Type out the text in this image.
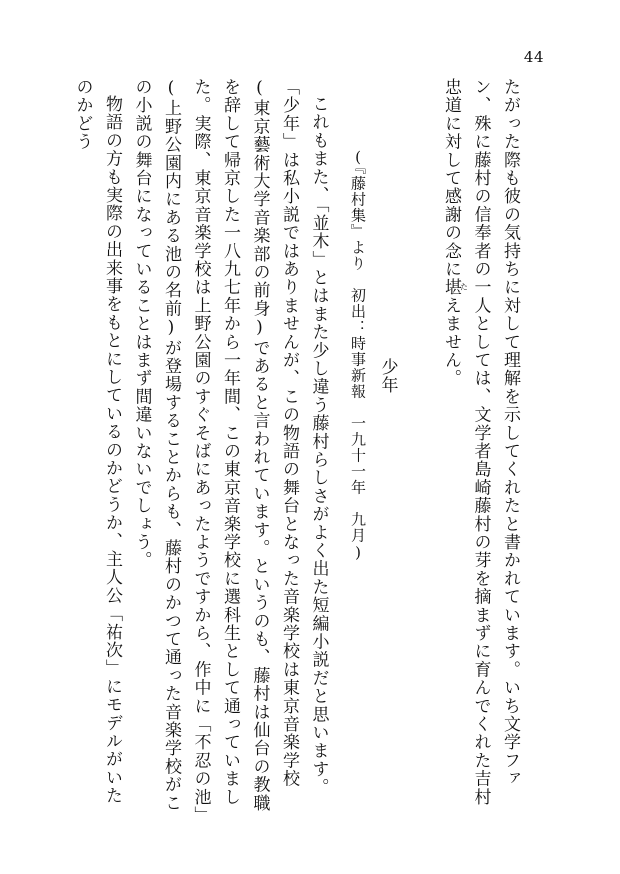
44

たがった際も彼の気持ちに対して理解を示してくれたと書かれています。いち文学ファン、殊に藤村の信奉者の一人としては、文学者島崎藤村の芽を摘まずに育んでくれた吉村忠道に対して感謝の念に堪たえません。

少年

(『藤村集』より　初出：時事新報　一九十一年　九月)

これもまた、「並木」とはまた少し違う藤村らしさがよく出た短編小説だと思います。「少年」は私小説ではありませんが、この物語の舞台となった音楽学校は東京音楽学校(東京藝術大学音楽部の前身)であると言われています。というのも、藤村は仙台の教職を辞して帰京した一八九七年から一年間、この東京音楽学校に選科生として通っていました。実際、東京音楽学校は上野公園のすぐそばにあったようですから、作中に「不忍の池」(上野公園内にある池の名前)が登場することからも、藤村のかつて通った音楽学校がこの小説の舞台になっていることはまず間違いないでしょう。

物語の方も実際の出来事をもとにしているのかどうか、主人公「祐次」にモデルがいたのかどう
